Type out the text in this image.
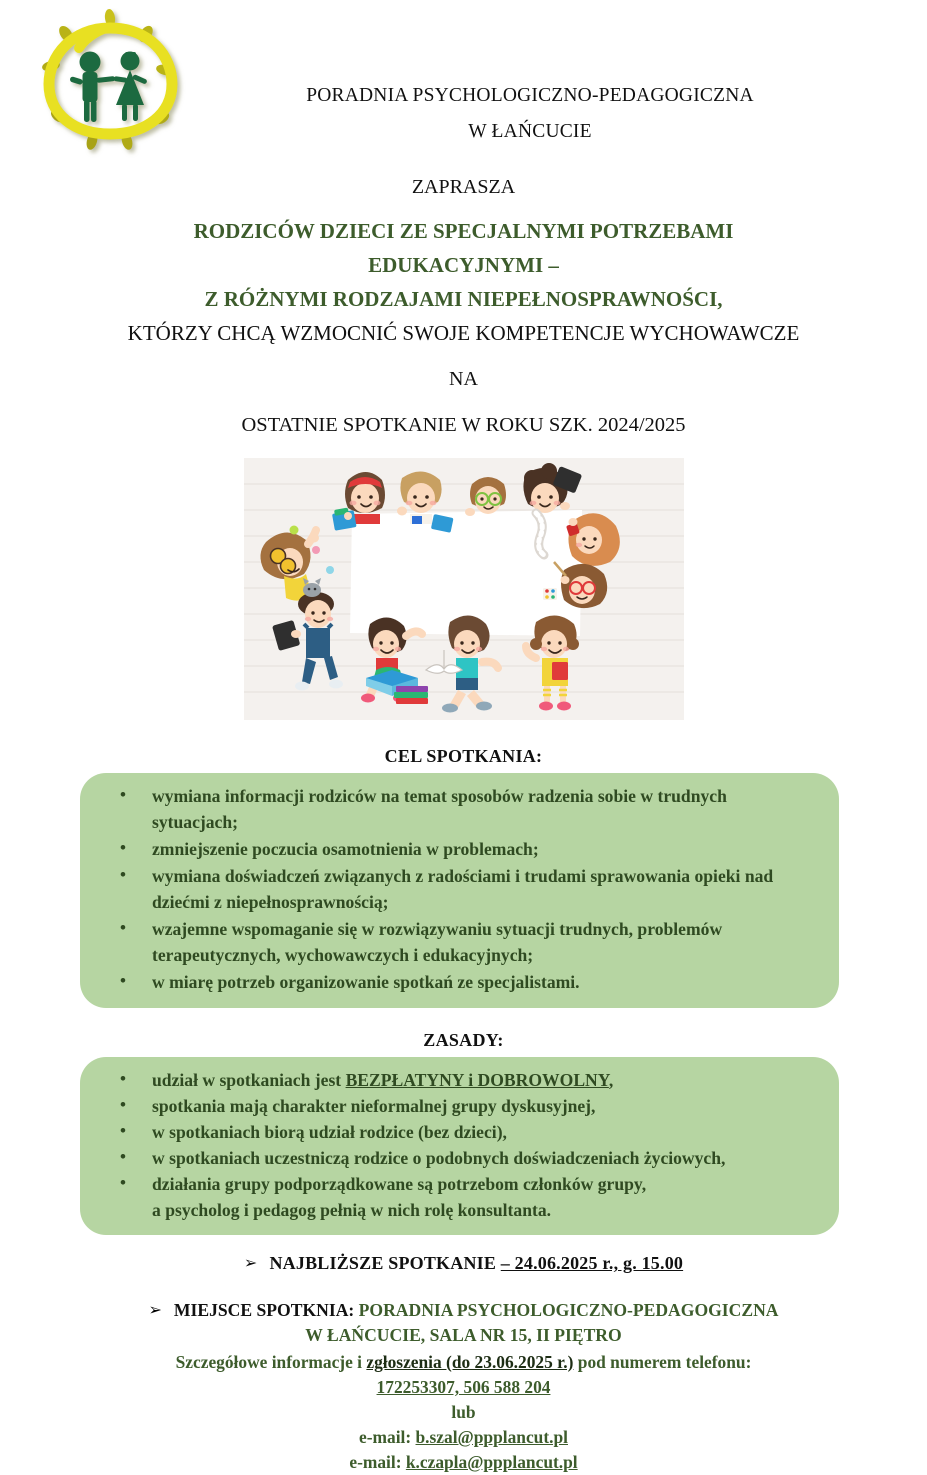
PORADNIA PSYCHOLOGICZNO-PEDAGOGICZNA
W ŁAŃCUCIE
ZAPRASZA
RODZICÓW DZIECI ZE SPECJALNYMI POTRZEBAMI
EDUKACYJNYMI –
Z RÓŻNYMI RODZAJAMI NIEPEŁNOSPRAWNOŚCI,
KTÓRZY CHCĄ WZMOCNIĆ SWOJE KOMPETENCJE WYCHOWAWCZE
NA
OSTATNIE SPOTKANIE W ROKU SZK. 2024/2025
CEL SPOTKANIA:
• wymiana informacji rodziców na temat sposobów radzenia sobie w trudnych sytuacjach;
• zmniejszenie poczucia osamotnienia w problemach;
• wymiana doświadczeń związanych z radościami i trudami sprawowania opieki nad dziećmi z niepełnosprawnością;
• wzajemne wspomaganie się w rozwiązywaniu sytuacji trudnych, problemów terapeutycznych, wychowawczych i edukacyjnych;
• w miarę potrzeb organizowanie spotkań ze specjalistami.
ZASADY:
• udział w spotkaniach jest BEZPŁATYNY i DOBROWOLNY,
• spotkania mają charakter nieformalnej grupy dyskusyjnej,
• w spotkaniach biorą udział rodzice (bez dzieci),
• w spotkaniach uczestniczą rodzice o podobnych doświadczeniach życiowych,
• działania grupy podporządkowane są potrzebom członków grupy,
a psycholog i pedagog pełnią w nich rolę konsultanta.
➢ NAJBLIŻSZE SPOTKANIE – 24.06.2025 r., g. 15.00
➢ MIEJSCE SPOTKNIA: PORADNIA PSYCHOLOGICZNO-PEDAGOGICZNA
W ŁAŃCUCIE, SALA NR 15, II PIĘTRO
Szczegółowe informacje i zgłoszenia (do 23.06.2025 r.) pod numerem telefonu:
172253307, 506 588 204
lub
e-mail: b.szal@ppplancut.pl
e-mail: k.czapla@ppplancut.pl
